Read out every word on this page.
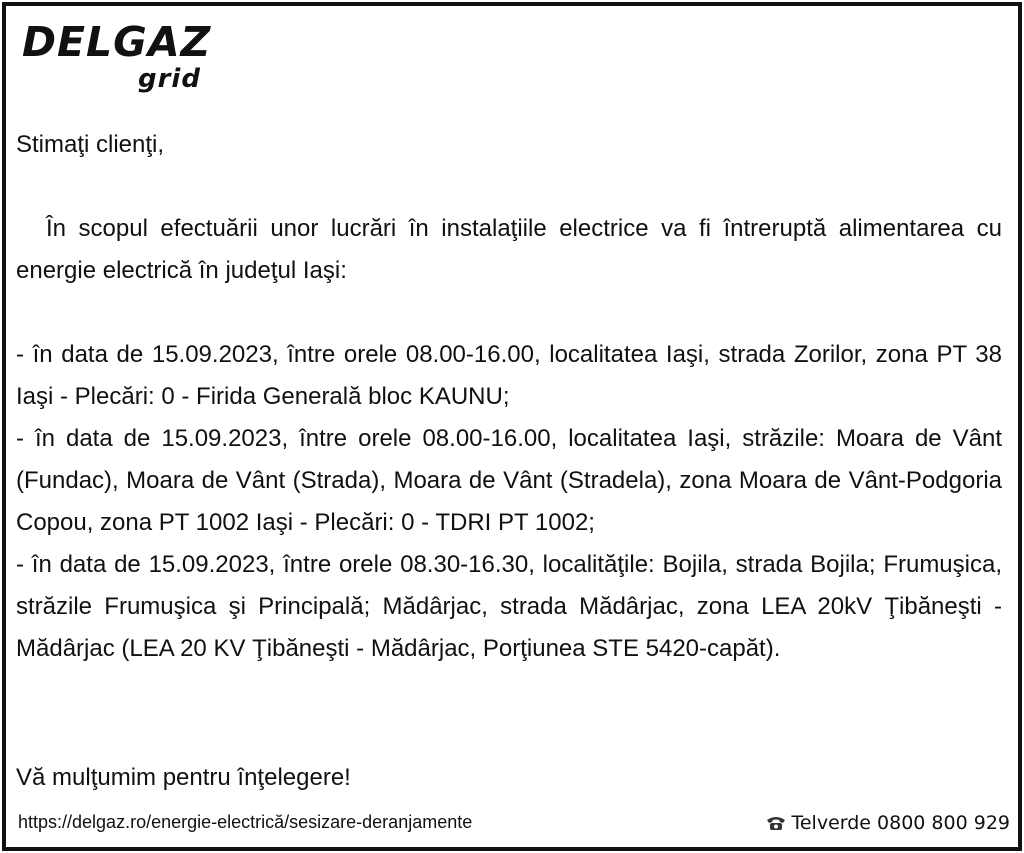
DELGAZ
grid

Stimaţi clienţi,

În scopul efectuării unor lucrări în instalaţiile electrice va fi întreruptă alimentarea cu energie electrică în judeţul Iaşi:

- în data de 15.09.2023, între orele 08.00-16.00, localitatea Iaşi, strada Zorilor, zona PT 38 Iaşi - Plecări: 0 - Firida Generală bloc KAUNU;

- în data de 15.09.2023, între orele 08.00-16.00, localitatea Iaşi, străzile: Moara de Vânt (Fundac), Moara de Vânt (Strada), Moara de Vânt (Stradela), zona Moara de Vânt-Podgoria Copou, zona PT 1002 Iaşi - Plecări: 0 - TDRI PT 1002;

- în data de 15.09.2023, între orele 08.30-16.30, localităţile: Bojila, strada Bojila; Frumuşica, străzile Frumuşica şi Principală; Mădârjac, strada Mădârjac, zona LEA 20kV Ţibăneşti - Mădârjac (LEA 20 KV Ţibăneşti - Mădârjac, Porţiunea STE 5420-capăt).

Vă mulţumim pentru înţelegere!
https://delgaz.ro/energie-electrică/sesizare-deranjamente	Telverde 0800 800 929
